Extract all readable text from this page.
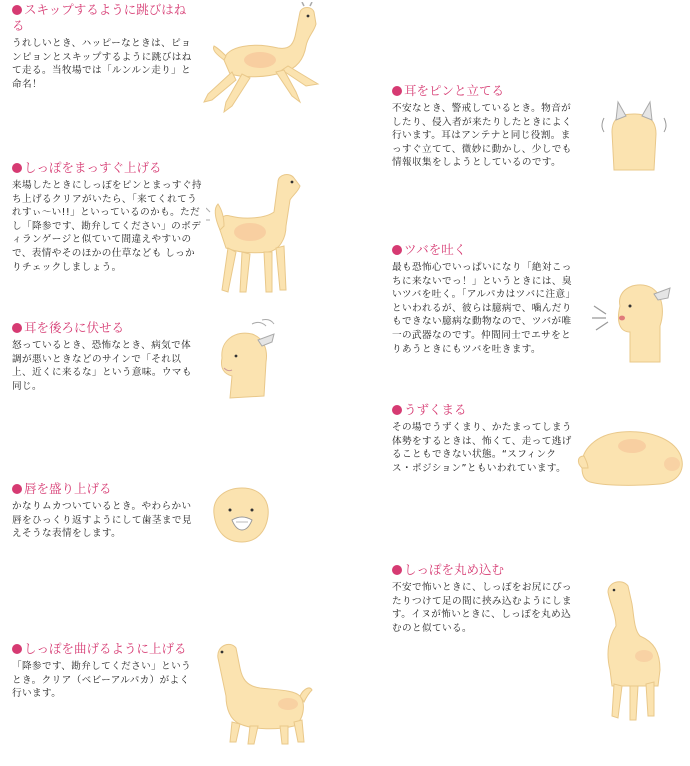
スキップするように跳びはねる

うれしいとき、ハッピーなときは、ピョンピョンとスキップするように跳びはねて走る。当牧場では「ルンルン走り」と命名！

しっぽをまっすぐ上げる

来場したときにしっぽをピンとまっすぐ持ち上げるクリアがいたら、「来てくれてうれすぃ〜い!!」といっているのかも。ただし「降参です、勘弁してください」のボディランゲージと似ていて間違えやすいので、表情やそのほかの仕草なども しっかりチェックしましょう。

耳を後ろに伏せる

怒っているとき、恐怖なとき、病気で体調が悪いときなどのサインで「それ以上、近くに来るな」という意味。ウマも同じ。

唇を盛り上げる

かなりムカついているとき。やわらかい唇をひっくり返すようにして歯茎まで見えそうな表情をします。

しっぽを曲げるように上げる

「降参です、勘弁してください」というとき。クリア（ベビーアルパカ）がよく行います。

耳をピンと立てる

不安なとき、警戒しているとき。物音がしたり、侵入者が来たりしたときによく行います。耳はアンテナと同じ役割。まっすぐ立てて、微妙に動かし、少しでも情報収集をしようとしているのです。

ツバを吐く

最も恐怖心でいっぱいになり「絶対こっちに来ないでっ！」というときには、臭いツバを吐く。「アルパカはツバに注意」といわれるが、彼らは臆病で、噛んだりもできない臆病な動物なので、ツバが唯一の武器なのです。仲間同士でエサをとりあうときにもツバを吐きます。

うずくまる

その場でうずくまり、かたまってしまう体勢をするときは、怖くて、走って逃げることもできない状態。“スフィンクス・ポジション”ともいわれています。

しっぽを丸め込む

不安で怖いときに、しっぽをお尻にぴったりつけて足の間に挟み込むようにします。イヌが怖いときに、しっぽを丸め込むのと似ている。
